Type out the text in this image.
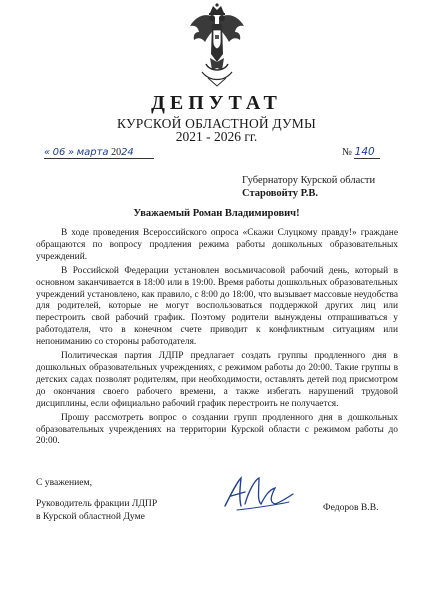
ДЕПУТАТ
КУРСКОЙ ОБЛАСТНОЙ ДУМЫ
2021 - 2026 гг.
« 06 » марта 2024	№ 140
Губернатору Курской области
Старовойту Р.В.
Уважаемый Роман Владимирович!

В ходе проведения Всероссийского опроса «Скажи Слуцкому правду!» граждане обращаются по вопросу продления режима работы дошкольных образовательных учреждений.

В Российской Федерации установлен восьмичасовой рабочий день, который в основном заканчивается в 18:00 или в 19:00. Время работы дошкольных образовательных учреждений установлено, как правило, с 8:00 до 18:00, что вызывает массовые неудобства для родителей, которые не могут воспользоваться поддержкой других лиц или перестроить свой рабочий график. Поэтому родители вынуждены отпрашиваться у работодателя, что в конечном счете приводит к конфликтным ситуациям или непониманию со стороны работодателя.

Политическая партия ЛДПР предлагает создать группы продленного дня в дошкольных образовательных учреждениях, с режимом работы до 20:00. Такие группы в детских садах позволят родителям, при необходимости, оставлять детей под присмотром до окончания своего рабочего времени, а также избегать нарушений трудовой дисциплины, если официально рабочий график перестроить не получается.

Прошу рассмотреть вопрос о создании групп продленного дня в дошкольных образовательных учреждениях на территории Курской области с режимом работы до 20:00.

С уважением,
Руководитель фракции ЛДПР
в Курской областной Думе
Федоров В.В.
